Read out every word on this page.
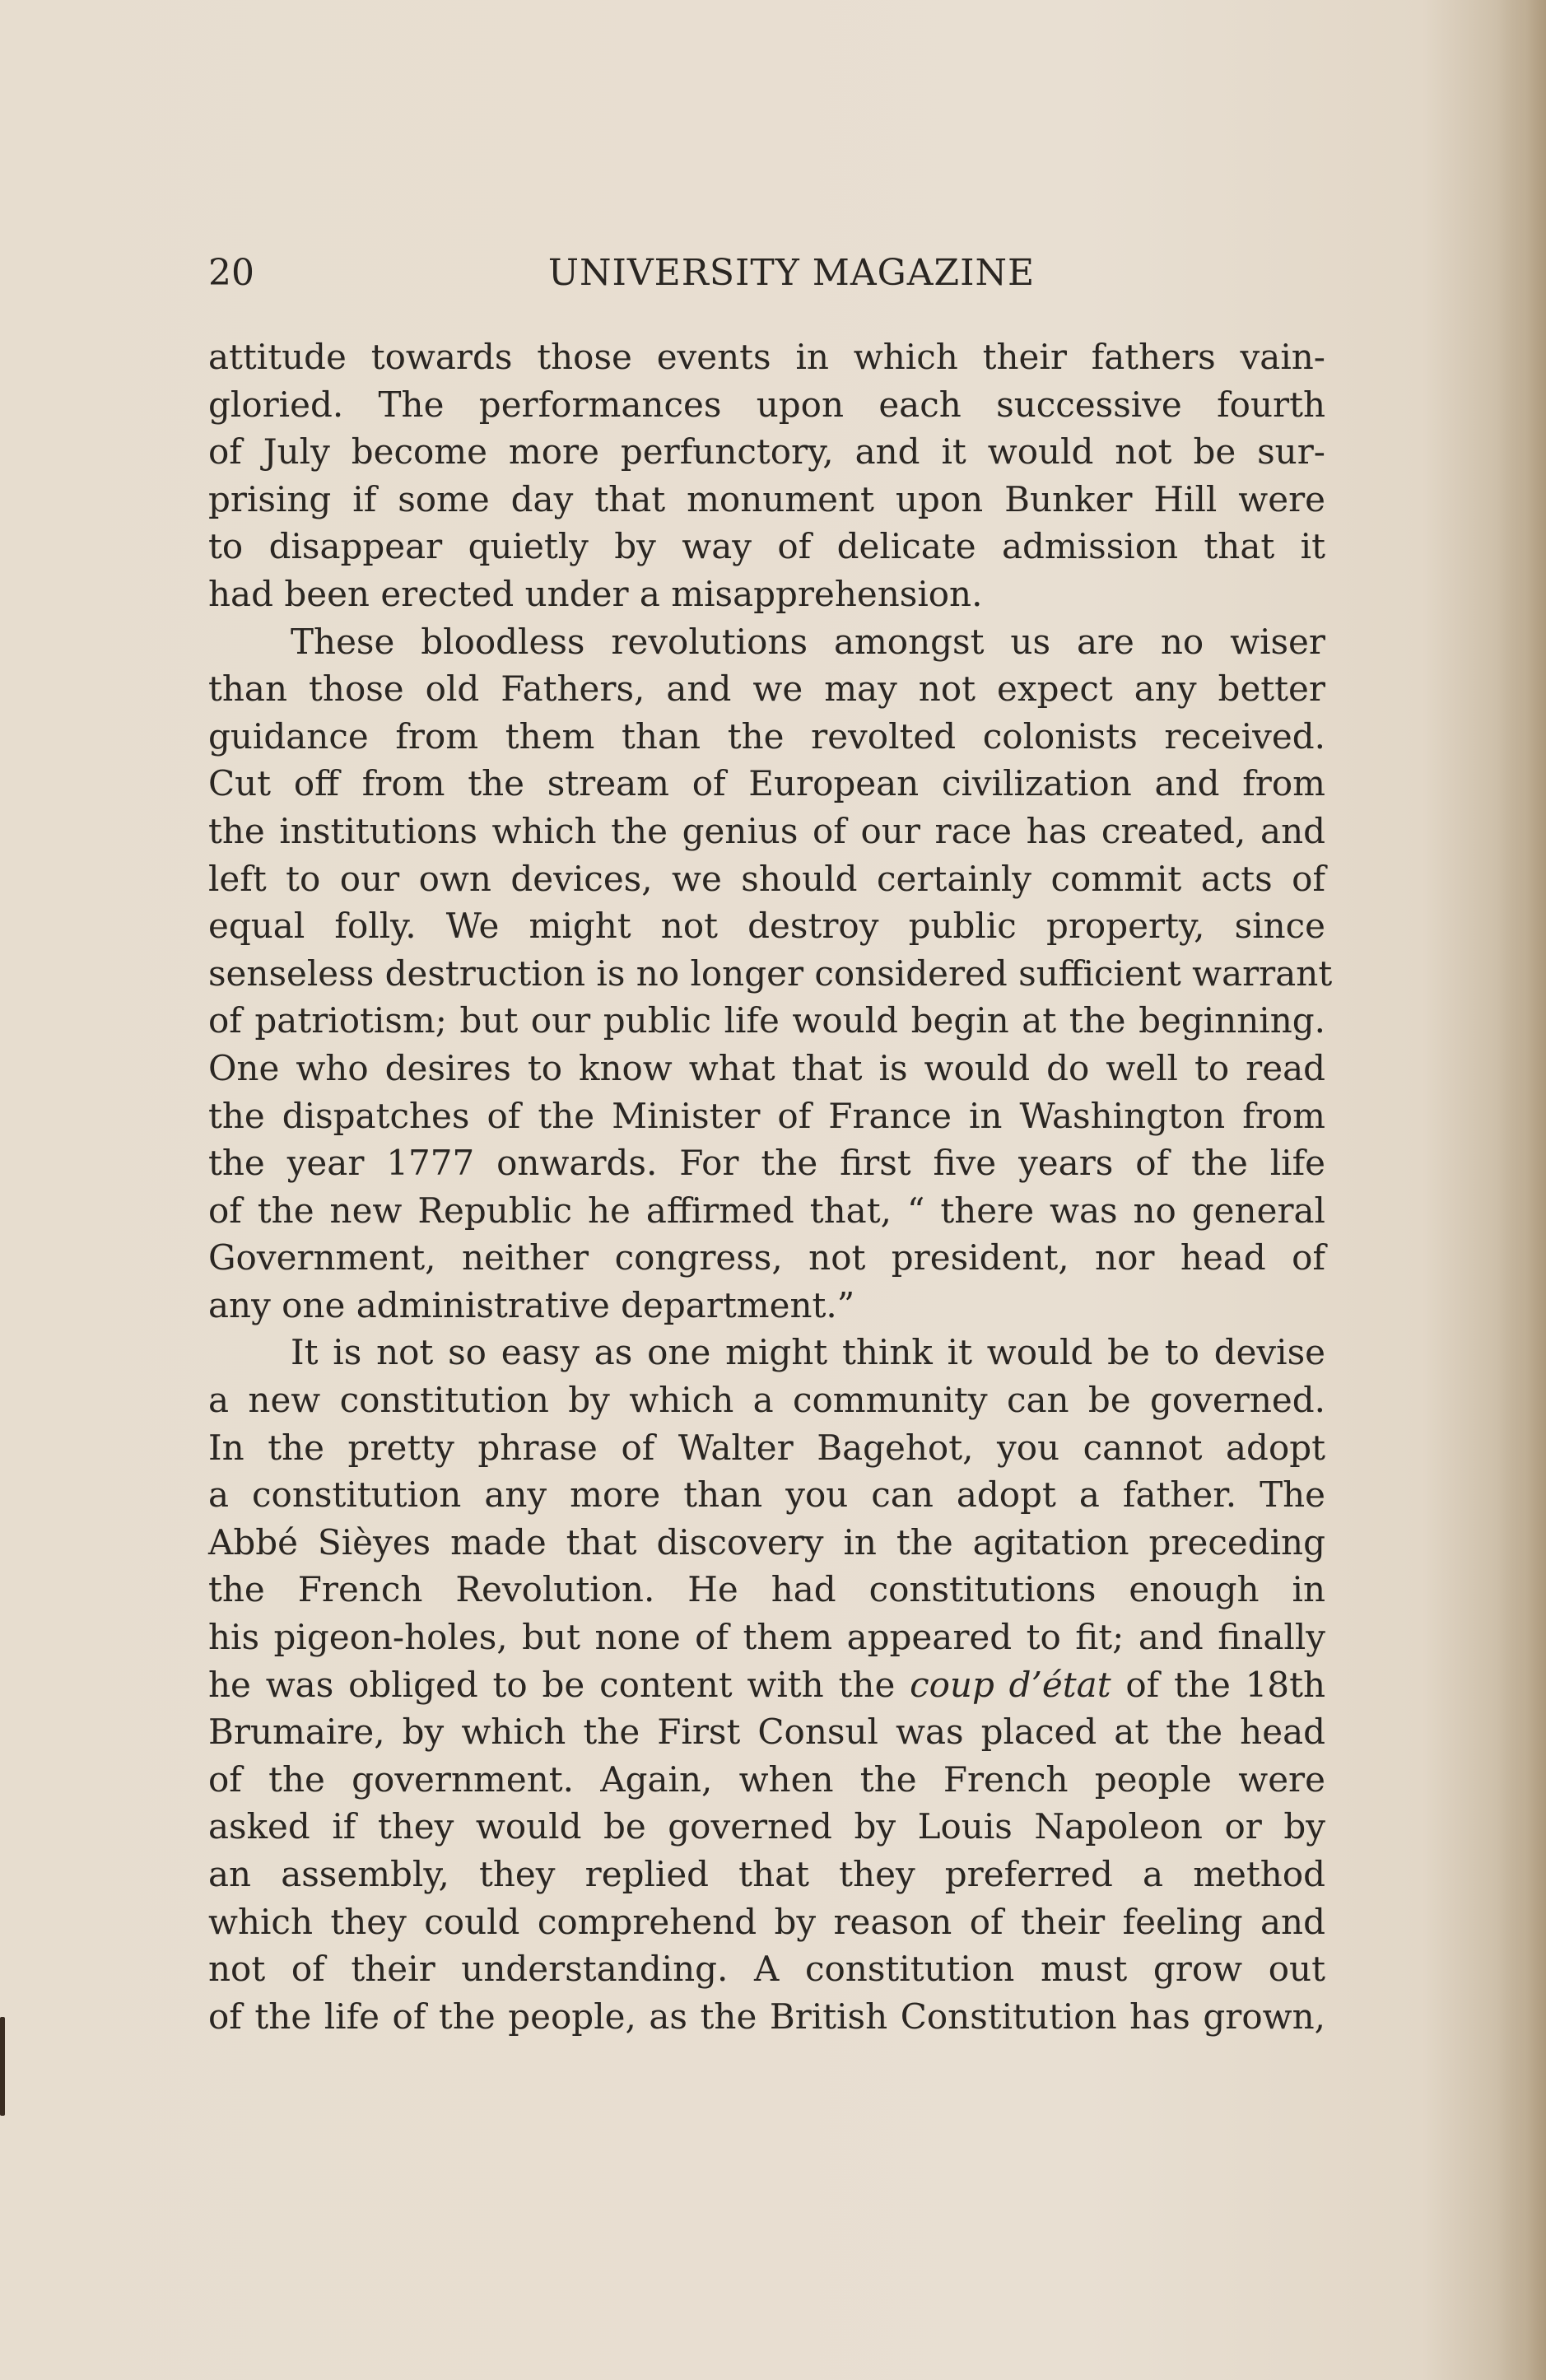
20	UNIVERSITY MAGAZINE
attitude towards those events in which their fathers vain-
gloried. The performances upon each successive fourth
of July become more perfunctory, and it would not be sur-
prising if some day that monument upon Bunker Hill were
to disappear quietly by way of delicate admission that it
had been erected under a misapprehension.
These bloodless revolutions amongst us are no wiser
than those old Fathers, and we may not expect any better
guidance from them than the revolted colonists received.
Cut off from the stream of European civilization and from
the institutions which the genius of our race has created, and
left to our own devices, we should certainly commit acts of
equal folly. We might not destroy public property, since
senseless destruction is no longer considered sufficient warrant
of patriotism; but our public life would begin at the beginning.
One who desires to know what that is would do well to read
the dispatches of the Minister of France in Washington from
the year 1777 onwards. For the first five years of the life
of the new Republic he affirmed that, “ there was no general
Government, neither congress, not president, nor head of
any one administrative department.”
It is not so easy as one might think it would be to devise
a new constitution by which a community can be governed.
In the pretty phrase of Walter Bagehot, you cannot adopt
a constitution any more than you can adopt a father. The
Abbé Sièyes made that discovery in the agitation preceding
the French Revolution. He had constitutions enough in
his pigeon-holes, but none of them appeared to fit; and finally
he was obliged to be content with the coup d’état of the 18th
Brumaire, by which the First Consul was placed at the head
of the government. Again, when the French people were
asked if they would be governed by Louis Napoleon or by
an assembly, they replied that they preferred a method
which they could comprehend by reason of their feeling and
not of their understanding. A constitution must grow out
of the life of the people, as the British Constitution has grown,
